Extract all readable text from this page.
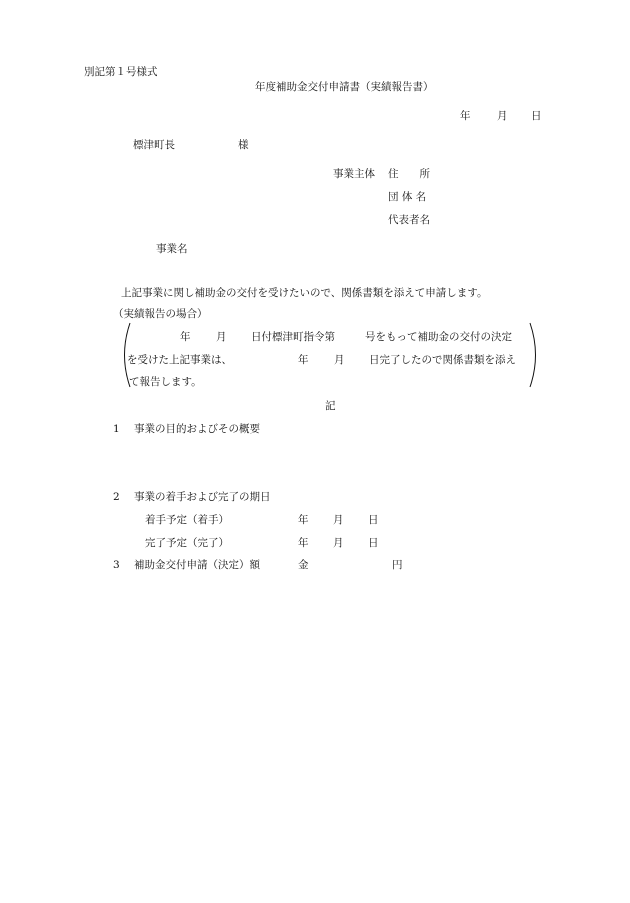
別記第１号様式
年度補助金交付申請書（実績報告書）
年	月 日
標津町長	様
事業主体 住　　所
団 体 名
代表者名
事業名
上記事業に関し補助金の交付を受けたいので、関係書類を添えて申請します。
（実績報告の場合）
年 月 日付標津町指令第	号をもって補助金の交付の決定
を受けた上記事業は、	年 月 日完了したので関係書類を添え
て報告します。
記
1 事業の目的およびその概要
2 事業の着手および完了の期日
着手予定（着手）	年 月 日
完了予定（完了）	年 月 日
3 補助金交付申請（決定）額	金	円
